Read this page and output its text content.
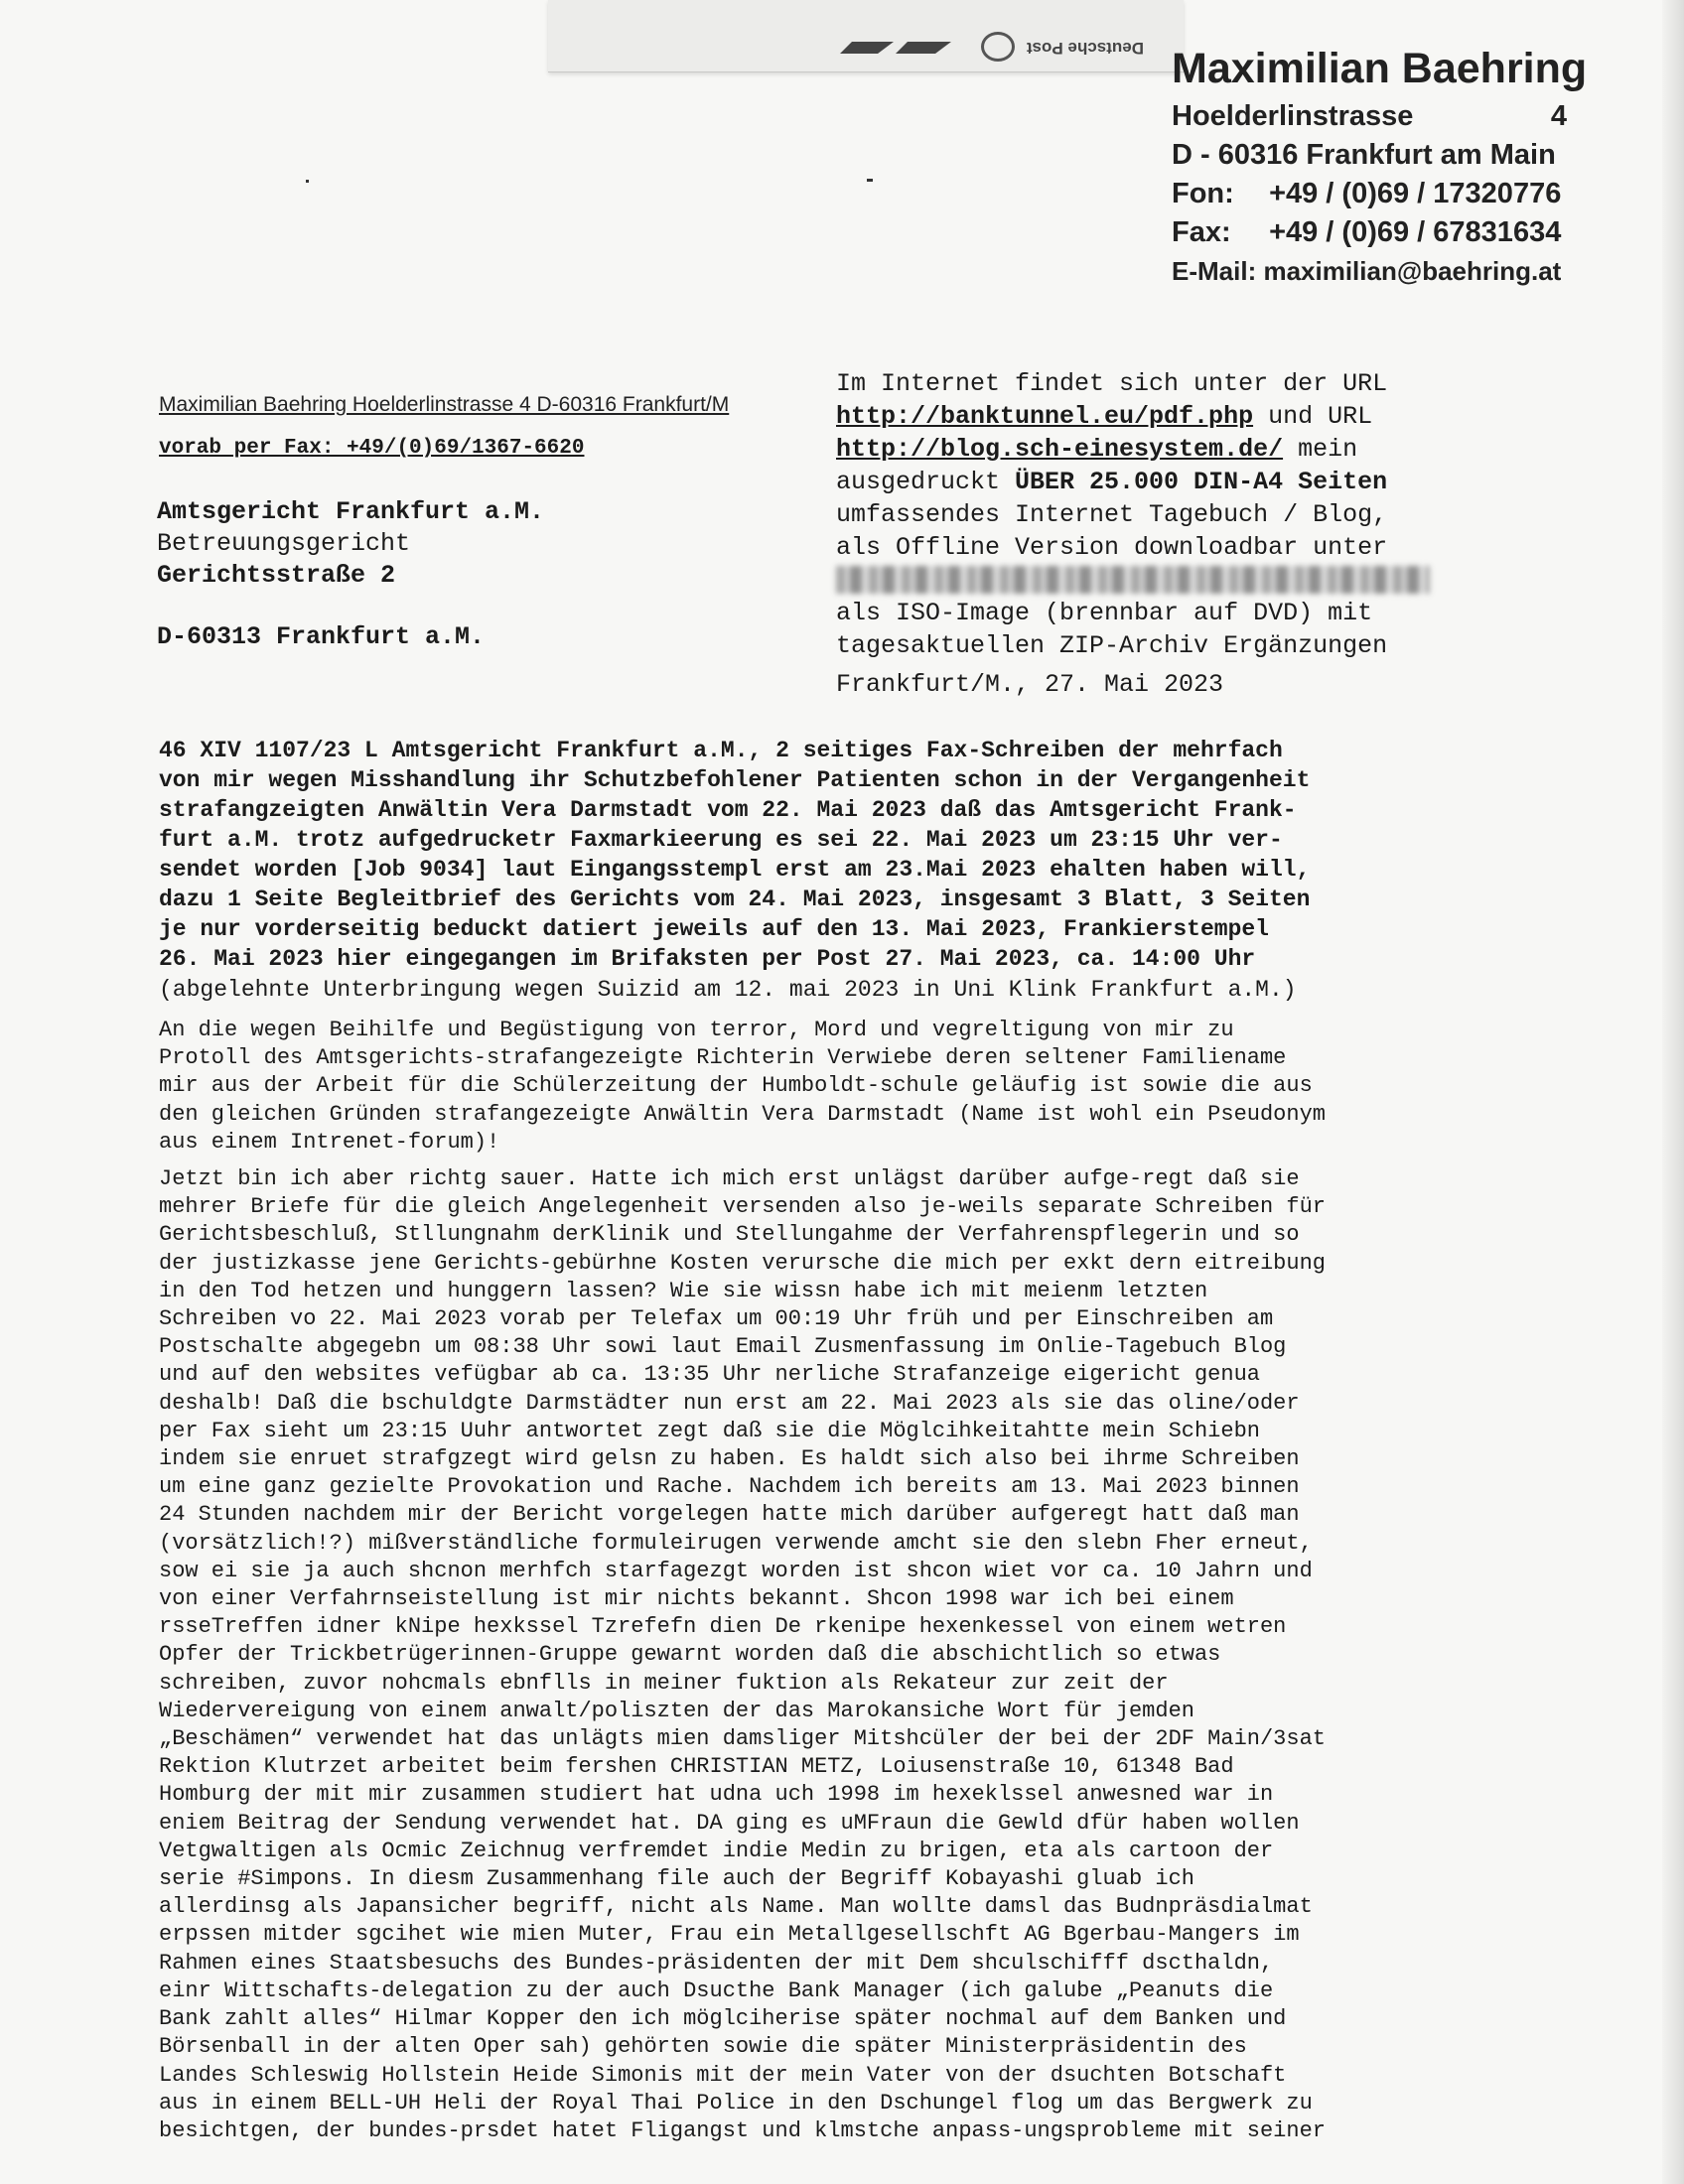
Deutsche Post Maximilian Baehring
Hoelderlinstrasse	4
D - 60316 Frankfurt am Main
Fon: +49 / (0)69 / 17320776
Fax: +49 / (0)69 / 67831634
E-Mail: maximilian@baehring.at
Maximilian Baehring Hoelderlinstrasse 4 D-60316 Frankfurt/M
vorab per Fax: +49/(0)69/1367-6620
Amtsgericht Frankfurt a.M.
Betreuungsgericht
Gerichtsstraße 2
D-60313 Frankfurt a.M.
Im Internet findet sich unter der URL
http://banktunnel.eu/pdf.php und URL
http://blog.sch-einesystem.de/ mein
ausgedruckt ÜBER 25.000 DIN-A4 Seiten
umfassendes Internet Tagebuch / Blog,
als Offline Version downloadbar unter
als ISO-Image (brennbar auf DVD) mit
tagesaktuellen ZIP-Archiv Ergänzungen
Frankfurt/M., 27. Mai 2023
46 XIV 1107/23 L Amtsgericht Frankfurt a.M., 2 seitiges Fax-Schreiben der mehrfach
von mir wegen Misshandlung ihr Schutzbefohlener Patienten schon in der Vergangenheit
strafangzeigten Anwältin Vera Darmstadt vom 22. Mai 2023 daß das Amtsgericht Frank-
furt a.M. trotz aufgedrucketr Faxmarkieerung es sei 22. Mai 2023 um 23:15 Uhr ver-
sendet worden [Job 9034] laut Eingangsstempl erst am 23.Mai 2023 ehalten haben will,
dazu 1 Seite Begleitbrief des Gerichts vom 24. Mai 2023, insgesamt 3 Blatt, 3 Seiten
je nur vorderseitig beduckt datiert jeweils auf den 13. Mai 2023, Frankierstempel
26. Mai 2023 hier eingegangen im Brifaksten per Post 27. Mai 2023, ca. 14:00 Uhr
(abgelehnte Unterbringung wegen Suizid am 12. mai 2023 in Uni Klink Frankfurt a.M.)
An die wegen Beihilfe und Begüstigung von terror, Mord und vegreltigung von mir zu
Protoll des Amtsgerichts-strafangezeigte Richterin Verwiebe deren seltener Familiename
mir aus der Arbeit für die Schülerzeitung der Humboldt-schule geläufig ist sowie die aus
den gleichen Gründen strafangezeigte Anwältin Vera Darmstadt (Name ist wohl ein Pseudonym
aus einem Intrenet-forum)!
Jetzt bin ich aber richtg sauer. Hatte ich mich erst unlägst darüber aufge-regt daß sie
mehrer Briefe für die gleich Angelegenheit versenden also je-weils separate Schreiben für
Gerichtsbeschluß, Stllungnahm derKlinik und Stellungahme der Verfahrenspflegerin und so
der justizkasse jene Gerichts-gebürhne Kosten verursche die mich per exkt dern eitreibung
in den Tod hetzen und hunggern lassen? Wie sie wissn habe ich mit meienm letzten
Schreiben vo 22. Mai 2023 vorab per Telefax um 00:19 Uhr früh und per Einschreiben am
Postschalte abgegebn um 08:38 Uhr sowi laut Email Zusmenfassung im Onlie-Tagebuch Blog
und auf den websites vefügbar ab ca. 13:35 Uhr nerliche Strafanzeige eigericht genua
deshalb! Daß die bschuldgte Darmstädter nun erst am 22. Mai 2023 als sie das oline/oder
per Fax sieht um 23:15 Uuhr antwortet zegt daß sie die Möglcihkeitahtte mein Schiebn
indem sie enruet strafgzegt wird gelsn zu haben. Es haldt sich also bei ihrme Schreiben
um eine ganz gezielte Provokation und Rache. Nachdem ich bereits am 13. Mai 2023 binnen
24 Stunden nachdem mir der Bericht vorgelegen hatte mich darüber aufgeregt hatt daß man
(vorsätzlich!?) mißverständliche formuleirugen verwende amcht sie den slebn Fher erneut,
sow ei sie ja auch shcnon merhfch starfagezgt worden ist shcon wiet vor ca. 10 Jahrn und
von einer Verfahrnseistellung ist mir nichts bekannt. Shcon 1998 war ich bei einem
rsseTreffen idner kNipe hexkssel Tzrefefn dien De rkenipe hexenkessel von einem wetren
Opfer der Trickbetrügerinnen-Gruppe gewarnt worden daß die abschichtlich so etwas
schreiben, zuvor nohcmals ebnflls in meiner fuktion als Rekateur zur zeit der
Wiedervereigung von einem anwalt/poliszten der das Marokansiche Wort für jemden
„Beschämen“ verwendet hat das unlägts mien damsliger Mitshcüler der bei der 2DF Main/3sat
Rektion Klutrzet arbeitet beim fershen CHRISTIAN METZ, Loiusenstraße 10, 61348 Bad
Homburg der mit mir zusammen studiert hat udna uch 1998 im hexeklssel anwesned war in
eniem Beitrag der Sendung verwendet hat. DA ging es uMFraun die Gewld dfür haben wollen
Vetgwaltigen als Ocmic Zeichnug verfremdet indie Medin zu brigen, eta als cartoon der
serie #Simpons. In diesm Zusammenhang file auch der Begriff Kobayashi gluab ich
allerdinsg als Japansicher begriff, nicht als Name. Man wollte damsl das Budnpräsdialmat
erpssen mitder sgcihet wie mien Muter, Frau ein Metallgesellschft AG Bgerbau-Mangers im
Rahmen eines Staatsbesuchs des Bundes-präsidenten der mit Dem shculschifff dscthaldn,
einr Wittschafts-delegation zu der auch Dsucthe Bank Manager (ich galube „Peanuts die
Bank zahlt alles“ Hilmar Kopper den ich möglciherise später nochmal auf dem Banken und
Börsenball in der alten Oper sah) gehörten sowie die später Ministerpräsidentin des
Landes Schleswig Hollstein Heide Simonis mit der mein Vater von der dsuchten Botschaft
aus in einem BELL-UH Heli der Royal Thai Police in den Dschungel flog um das Bergwerk zu
besichtgen, der bundes-prsdet hatet Fligangst und klmstche anpass-ungsprobleme mit seiner
